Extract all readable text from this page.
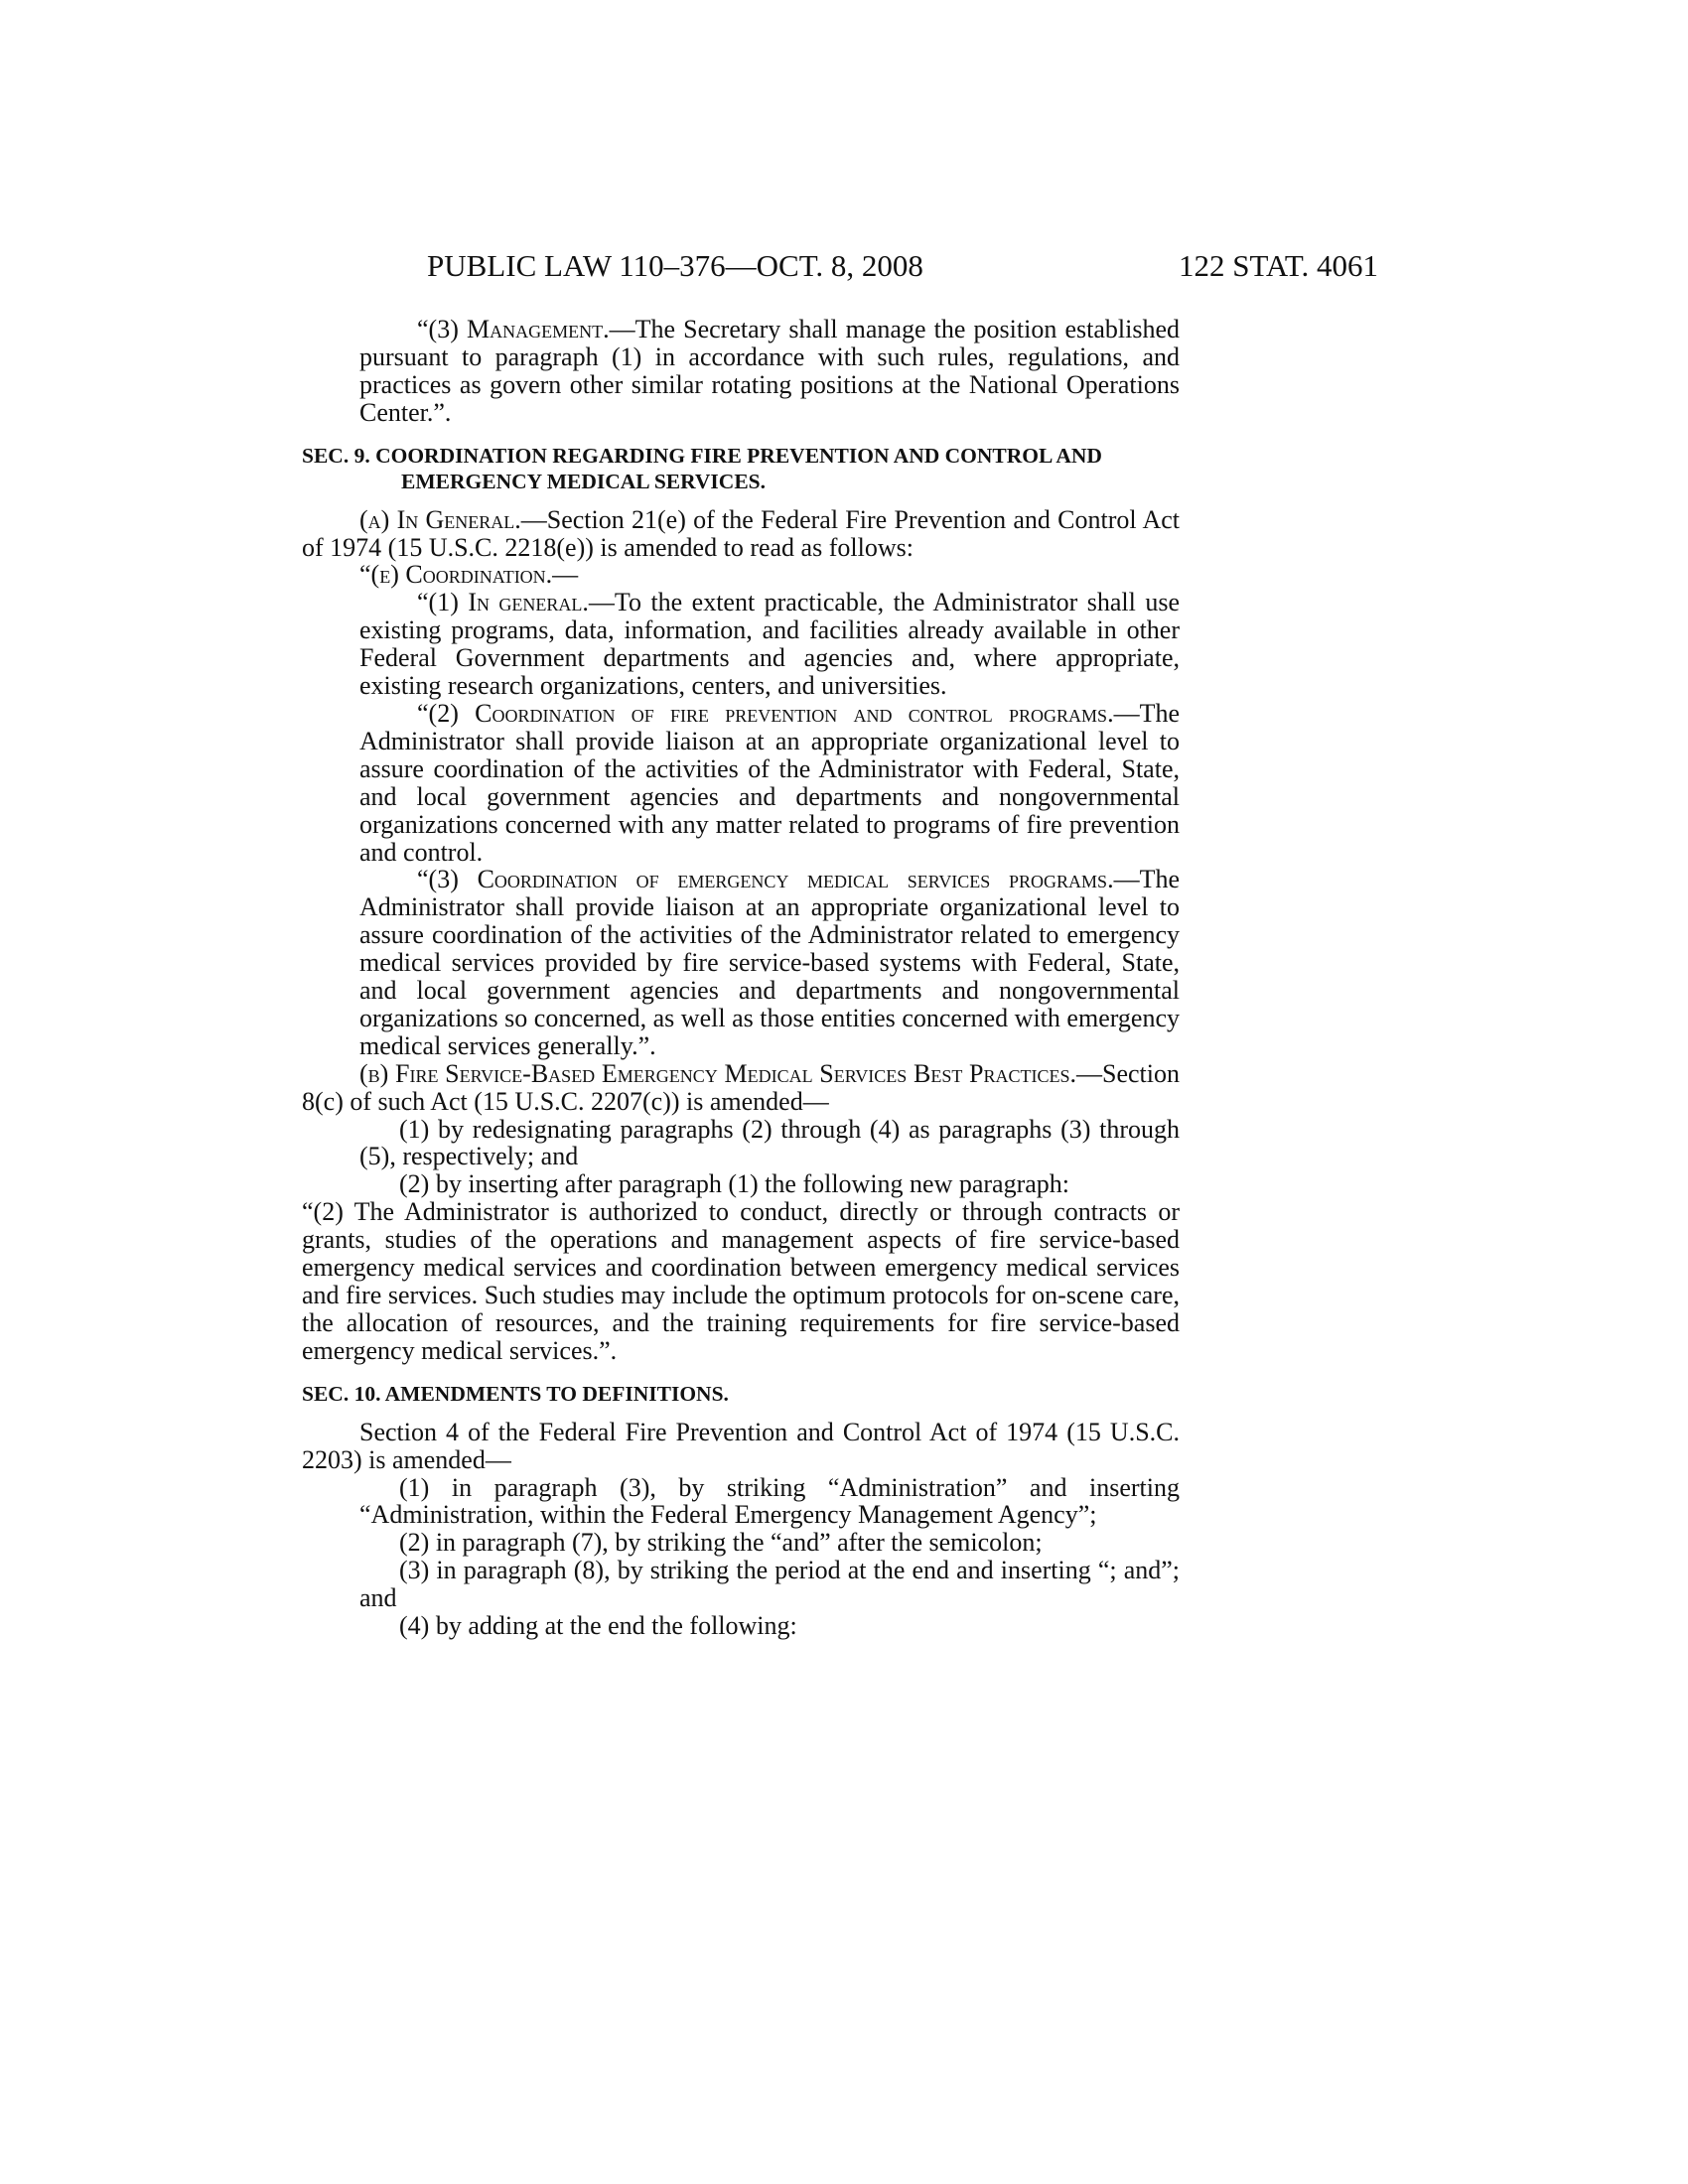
PUBLIC LAW 110–376—OCT. 8, 2008	122 STAT. 4061

“(3) Management.—The Secretary shall manage the position established pursuant to paragraph (1) in accordance with such rules, regulations, and practices as govern other similar rotating positions at the National Operations Center.”.

SEC. 9. COORDINATION REGARDING FIRE PREVENTION AND CONTROL AND EMERGENCY MEDICAL SERVICES.

(a) In General.—Section 21(e) of the Federal Fire Prevention and Control Act of 1974 (15 U.S.C. 2218(e)) is amended to read as follows:

“(e) Coordination.—

“(1) In general.—To the extent practicable, the Administrator shall use existing programs, data, information, and facilities already available in other Federal Government departments and agencies and, where appropriate, existing research organizations, centers, and universities.

“(2) Coordination of fire prevention and control programs.—The Administrator shall provide liaison at an appropriate organizational level to assure coordination of the activities of the Administrator with Federal, State, and local government agencies and departments and nongovernmental organizations concerned with any matter related to programs of fire prevention and control.

“(3) Coordination of emergency medical services programs.—The Administrator shall provide liaison at an appropriate organizational level to assure coordination of the activities of the Administrator related to emergency medical services provided by fire service-based systems with Federal, State, and local government agencies and departments and nongovernmental organizations so concerned, as well as those entities concerned with emergency medical services generally.”.

(b) Fire Service-Based Emergency Medical Services Best Practices.—Section 8(c) of such Act (15 U.S.C. 2207(c)) is amended—

(1) by redesignating paragraphs (2) through (4) as paragraphs (3) through (5), respectively; and

(2) by inserting after paragraph (1) the following new paragraph:

“(2) The Administrator is authorized to conduct, directly or through contracts or grants, studies of the operations and management aspects of fire service-based emergency medical services and coordination between emergency medical services and fire services. Such studies may include the optimum protocols for on-scene care, the allocation of resources, and the training requirements for fire service-based emergency medical services.”.

SEC. 10. AMENDMENTS TO DEFINITIONS.

Section 4 of the Federal Fire Prevention and Control Act of 1974 (15 U.S.C. 2203) is amended—

(1) in paragraph (3), by striking “Administration” and inserting “Administration, within the Federal Emergency Management Agency”;

(2) in paragraph (7), by striking the “and” after the semicolon;

(3) in paragraph (8), by striking the period at the end and inserting “; and”; and

(4) by adding at the end the following:
